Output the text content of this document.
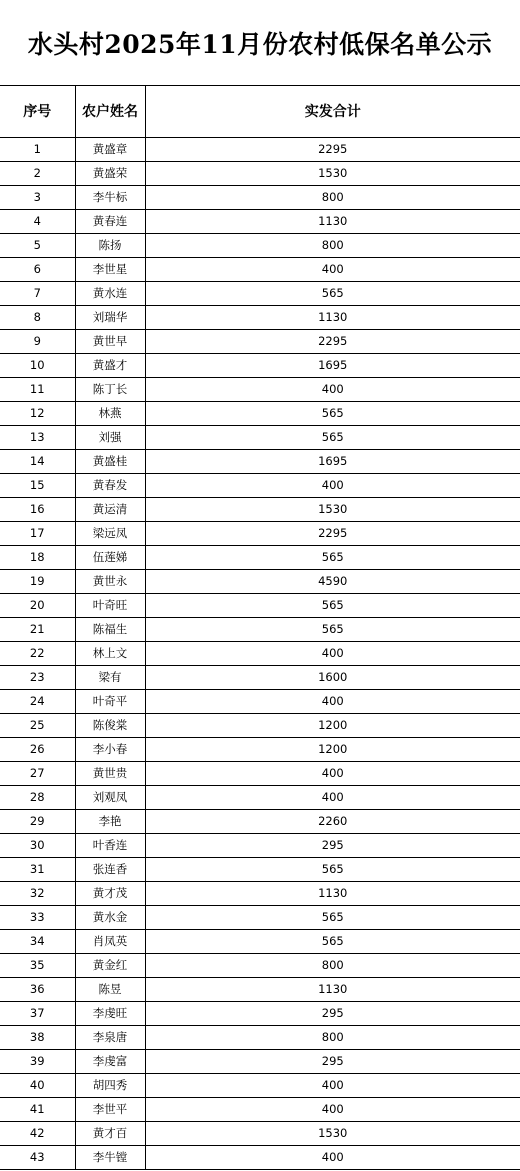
水头村2025年11月份农村低保名单公示
序号	农户姓名	实发合计
1	黄盛章	2295
2	黄盛荣	1530
3	李牛标	800
4	黄春连	1130
5	陈扬	800
6	李世星	400
7	黄水连	565
8	刘瑞华	1130
9	黄世早	2295
10	黄盛才	1695
11	陈丁长	400
12	林燕	565
13	刘强	565
14	黄盛桂	1695
15	黄春发	400
16	黄运清	1530
17	梁远凤	2295
18	伍莲娣	565
19	黄世永	4590
20	叶奇旺	565
21	陈福生	565
22	林上文	400
23	梁有	1600
24	叶奇平	400
25	陈俊棠	1200
26	李小春	1200
27	黄世贵	400
28	刘观凤	400
29	李艳	2260
30	叶香连	295
31	张连香	565
32	黄才茂	1130
33	黄水金	565
34	肖凤英	565
35	黄金红	800
36	陈昱	1130
37	李虔旺	295
38	李泉唐	800
39	李虔富	295
40	胡四秀	400
41	李世平	400
42	黄才百	1530
43	李牛镗	400
